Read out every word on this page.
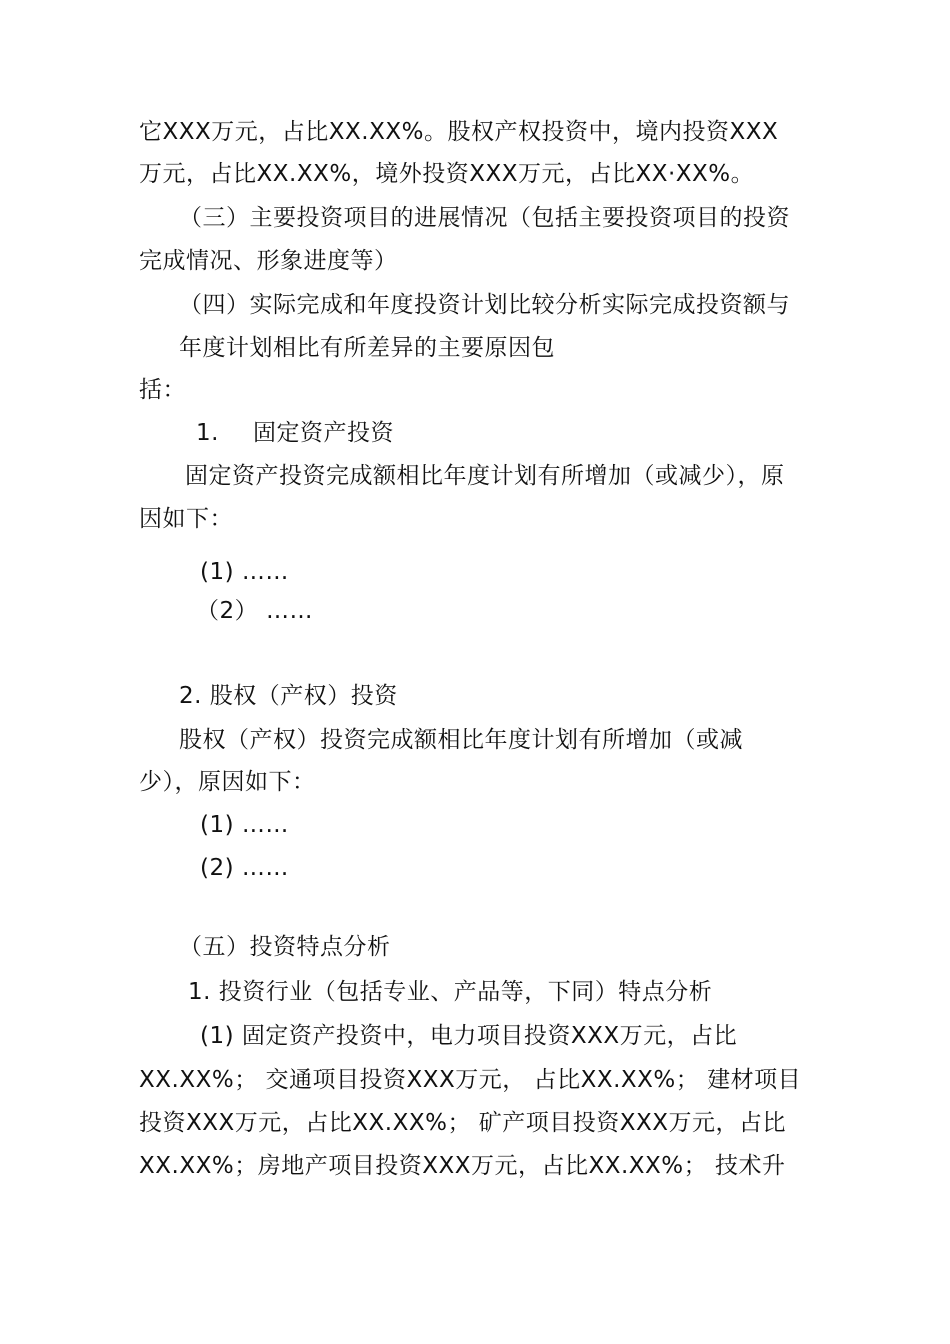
它XXX万元，占比XX.XX%。股权产权投资中，境内投资XXX
万元，占比XX.XX%，境外投资XXX万元，占比XX·XX%。
（三）主要投资项目的进展情况（包括主要投资项目的投资
完成情况、形象进度等）
（四）实际完成和年度投资计划比较分析实际完成投资额与
年度计划相比有所差异的主要原因包
括：
1. 固定资产投资
固定资产投资完成额相比年度计划有所增加（或减少），原
因如下：
(1) ……
（2） ……
2. 股权（产权）投资
股权（产权）投资完成额相比年度计划有所增加（或减
少），原因如下：
(1) ……
(2) ……
（五）投资特点分析
1. 投资行业（包括专业、产品等，下同）特点分析
(1) 固定资产投资中，电力项目投资XXX万元，占比
XX.XX%； 交通项目投资XXX万元， 占比XX.XX%； 建材项目
投资XXX万元，占比XX.XX%； 矿产项目投资XXX万元，占比
XX.XX%；房地产项目投资XXX万元，占比XX.XX%； 技术升
